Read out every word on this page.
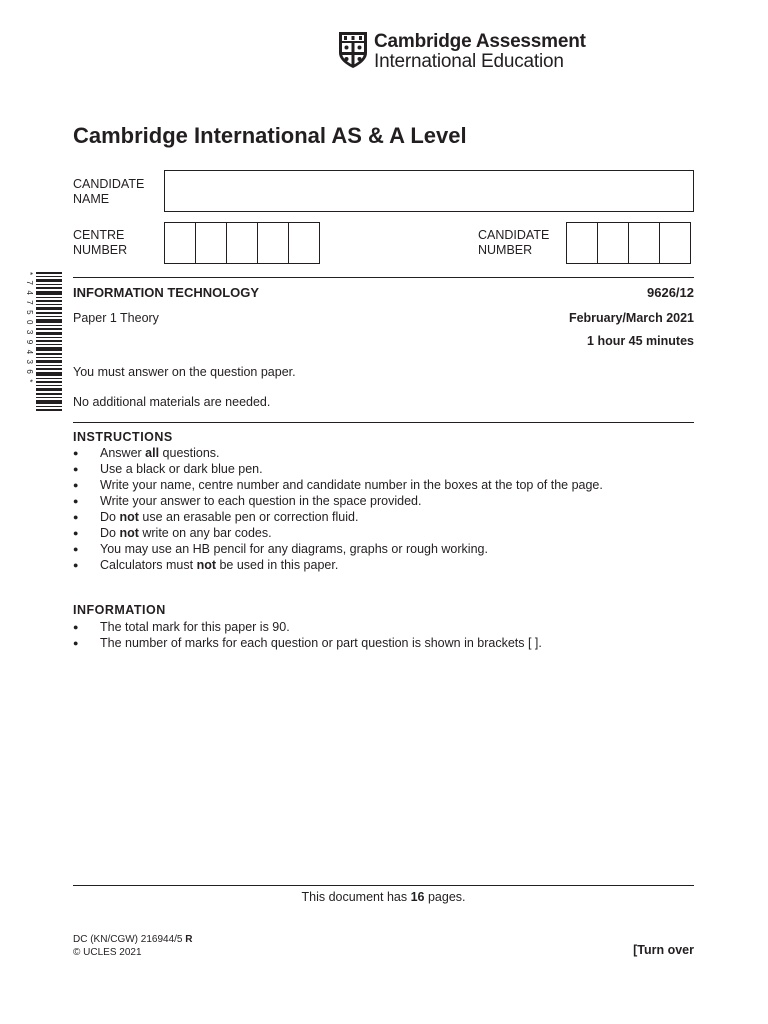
Cambridge Assessment
International Education
Cambridge International AS & A Level
CANDIDATE
NAME
CENTRE
NUMBER
CANDIDATE
NUMBER
* 7 4 7 5 0 3 9 4 3 6 *	INFORMATION TECHNOLOGY	9626/12
Paper 1 Theory	February/March 2021
1 hour 45 minutes
You must answer on the question paper.
No additional materials are needed.
INSTRUCTIONS
● Answer all questions.
● Use a black or dark blue pen.
● Write your name, centre number and candidate number in the boxes at the top of the page.
● Write your answer to each question in the space provided.
● Do not use an erasable pen or correction fluid.
● Do not write on any bar codes.
● You may use an HB pencil for any diagrams, graphs or rough working.
● Calculators must not be used in this paper.
INFORMATION
● The total mark for this paper is 90.
● The number of marks for each question or part question is shown in brackets [ ].
This document has 16 pages.
DC (KN/CGW) 216944/5 R
© UCLES 2021	[Turn over
